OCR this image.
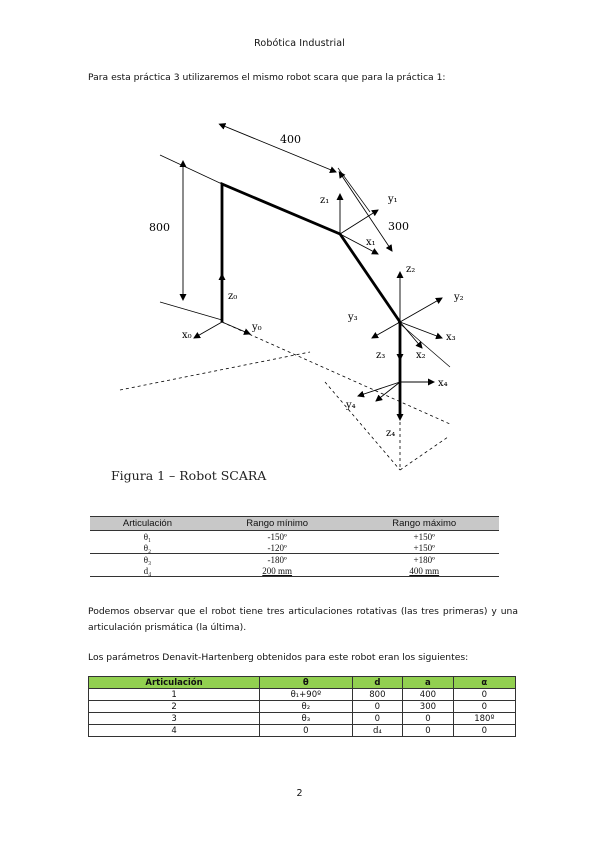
Robótica Industrial
Para esta práctica 3 utilizaremos el mismo robot scara que para la práctica 1:
400
800	300
z₀
x₀
y₀
z₁	y₁
x₁
z₂
y₂
y₃
x₃
z₃	x₂
x₄
y₄
z₄
Figura 1 – Robot SCARA
Articulación	Rango mínimo	Rango máximo
θ₁	-150º	+150º
θ₂	-120º	+150º
θ₃	-180º	+180º
d₄	200 mm	400 mm
Podemos observar que el robot tiene tres articulaciones rotativas (las tres primeras) y una articulación prismática (la última).
Los parámetros Denavit-Hartenberg obtenidos para este robot eran los siguientes:
Articulación	θ	d	a	α
1	θ₁+90º	800	400	0
2	θ₂	0	300	0
3	θ₃	0	0	180º
4	0	d₄	0	0
2
